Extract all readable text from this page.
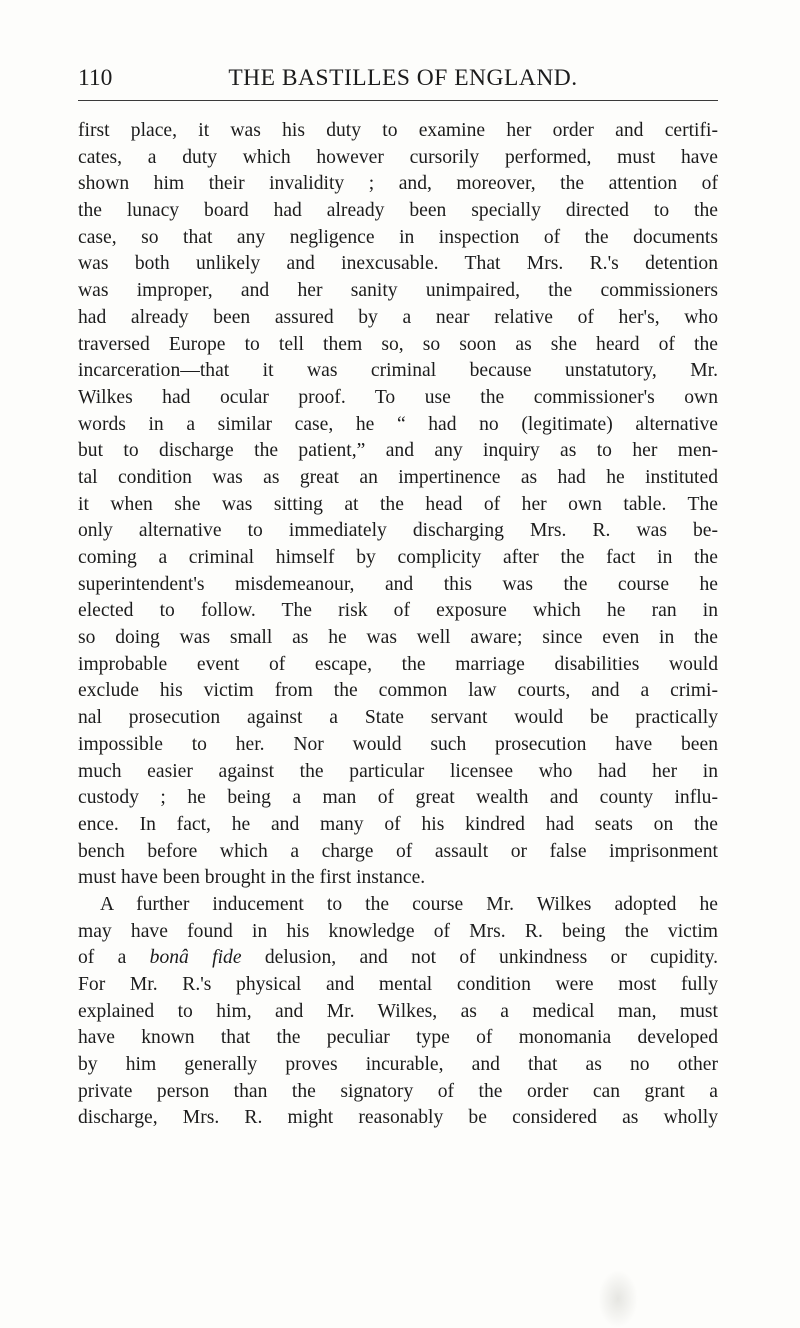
110	THE BASTILLES OF ENGLAND.
first place, it was his duty to examine her order and certifi-
cates, a duty which however cursorily performed, must have
shown him their invalidity ; and, moreover, the attention of
the lunacy board had already been specially directed to the
case, so that any negligence in inspection of the documents
was both unlikely and inexcusable. That Mrs. R.'s detention
was improper, and her sanity unimpaired, the commissioners
had already been assured by a near relative of her's, who
traversed Europe to tell them so, so soon as she heard of the
incarceration—that it was criminal because unstatutory, Mr.
Wilkes had ocular proof. To use the commissioner's own
words in a similar case, he “ had no (legitimate) alternative
but to discharge the patient,” and any inquiry as to her men-
tal condition was as great an impertinence as had he instituted
it when she was sitting at the head of her own table. The
only alternative to immediately discharging Mrs. R. was be-
coming a criminal himself by complicity after the fact in the
superintendent's misdemeanour, and this was the course he
elected to follow. The risk of exposure which he ran in
so doing was small as he was well aware; since even in the
improbable event of escape, the marriage disabilities would
exclude his victim from the common law courts, and a crimi-
nal prosecution against a State servant would be practically
impossible to her. Nor would such prosecution have been
much easier against the particular licensee who had her in
custody ; he being a man of great wealth and county influ-
ence. In fact, he and many of his kindred had seats on the
bench before which a charge of assault or false imprisonment
must have been brought in the first instance.
A further inducement to the course Mr. Wilkes adopted he
may have found in his knowledge of Mrs. R. being the victim
of a bonâ fide delusion, and not of unkindness or cupidity.
For Mr. R.'s physical and mental condition were most fully
explained to him, and Mr. Wilkes, as a medical man, must
have known that the peculiar type of monomania developed
by him generally proves incurable, and that as no other
private person than the signatory of the order can grant a
discharge, Mrs. R. might reasonably be considered as wholly
